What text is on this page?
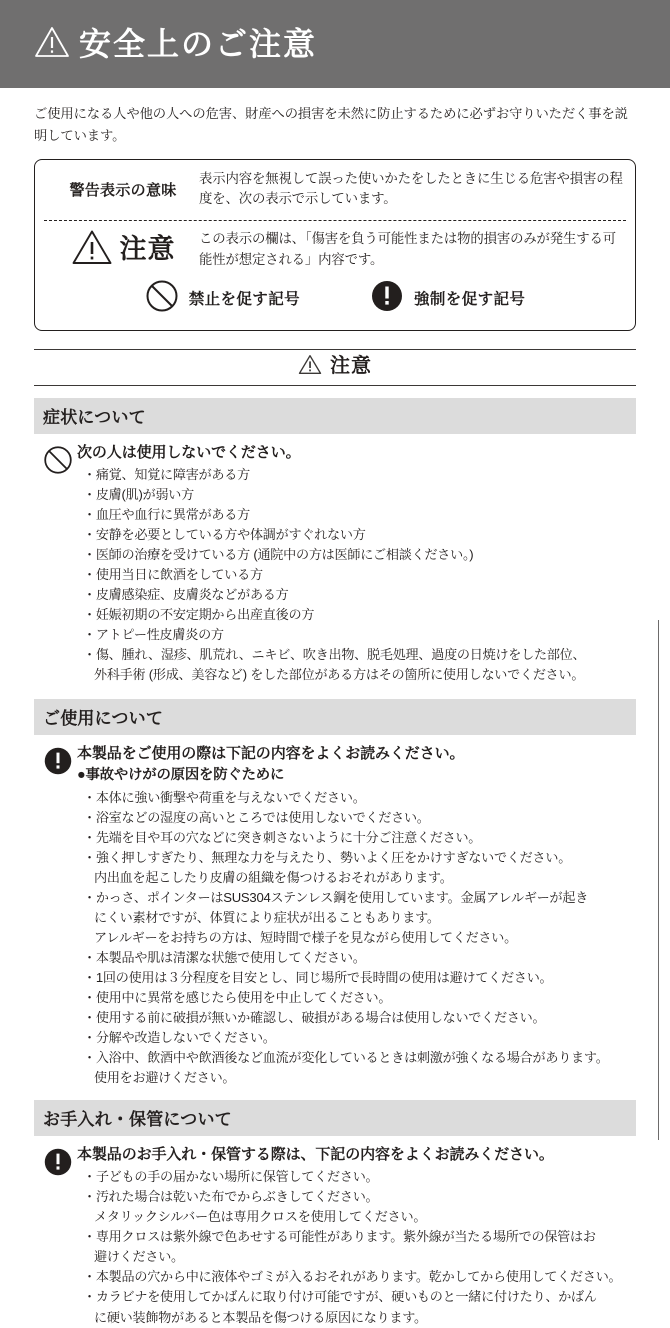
安全上のご注意

ご使用になる人や他の人への危害、財産への損害を未然に防止するために必ずお守りいただく事を説明しています。

警告表示の意味
表示内容を無視して誤った使いかたをしたときに生じる危害や損害の程度を、次の表示で示しています。
注意 この表示の欄は、「傷害を負う可能性または物的損害のみが発生する可能性が想定される」内容です。
禁止を促す記号	強制を促す記号
注意
症状について
次の人は使用しないでください。
・痛覚、知覚に障害がある方
・皮膚(肌)が弱い方
・血圧や血行に異常がある方
・安静を必要としている方や体調がすぐれない方
・医師の治療を受けている方 (通院中の方は医師にご相談ください。)
・使用当日に飲酒をしている方
・皮膚感染症、皮膚炎などがある方
・妊娠初期の不安定期から出産直後の方
・アトピー性皮膚炎の方
・傷、腫れ、湿疹、肌荒れ、ニキビ、吹き出物、脱毛処理、過度の日焼けをした部位、
外科手術 (形成、美容など) をした部位がある方はその箇所に使用しないでください。
ご使用について
本製品をご使用の際は下記の内容をよくお読みください。
●事故やけがの原因を防ぐために
・本体に強い衝撃や荷重を与えないでください。
・浴室などの湿度の高いところでは使用しないでください。
・先端を目や耳の穴などに突き刺さないように十分ご注意ください。
・強く押しすぎたり、無理な力を与えたり、勢いよく圧をかけすぎないでください。
内出血を起こしたり皮膚の組織を傷つけるおそれがあります。
・かっさ、ポインターはSUS304ステンレス鋼を使用しています。金属アレルギーが起き
にくい素材ですが、体質により症状が出ることもあります。
アレルギーをお持ちの方は、短時間で様子を見ながら使用してください。
・本製品や肌は清潔な状態で使用してください。
・1回の使用は３分程度を目安とし、同じ場所で長時間の使用は避けてください。
・使用中に異常を感じたら使用を中止してください。
・使用する前に破損が無いか確認し、破損がある場合は使用しないでください。
・分解や改造しないでください。
・入浴中、飲酒中や飲酒後など血流が変化しているときは刺激が強くなる場合があります。
使用をお避けください。
お手入れ・保管について
本製品のお手入れ・保管する際は、下記の内容をよくお読みください。
・子どもの手の届かない場所に保管してください。
・汚れた場合は乾いた布でからぶきしてください。
メタリックシルバー色は専用クロスを使用してください。
・専用クロスは紫外線で色あせする可能性があります。紫外線が当たる場所での保管はお
避けください。
・本製品の穴から中に液体やゴミが入るおそれがあります。乾かしてから使用してください。
・カラビナを使用してかばんに取り付け可能ですが、硬いものと一緒に付けたり、かばん
に硬い装飾物があると本製品を傷つける原因になります。
